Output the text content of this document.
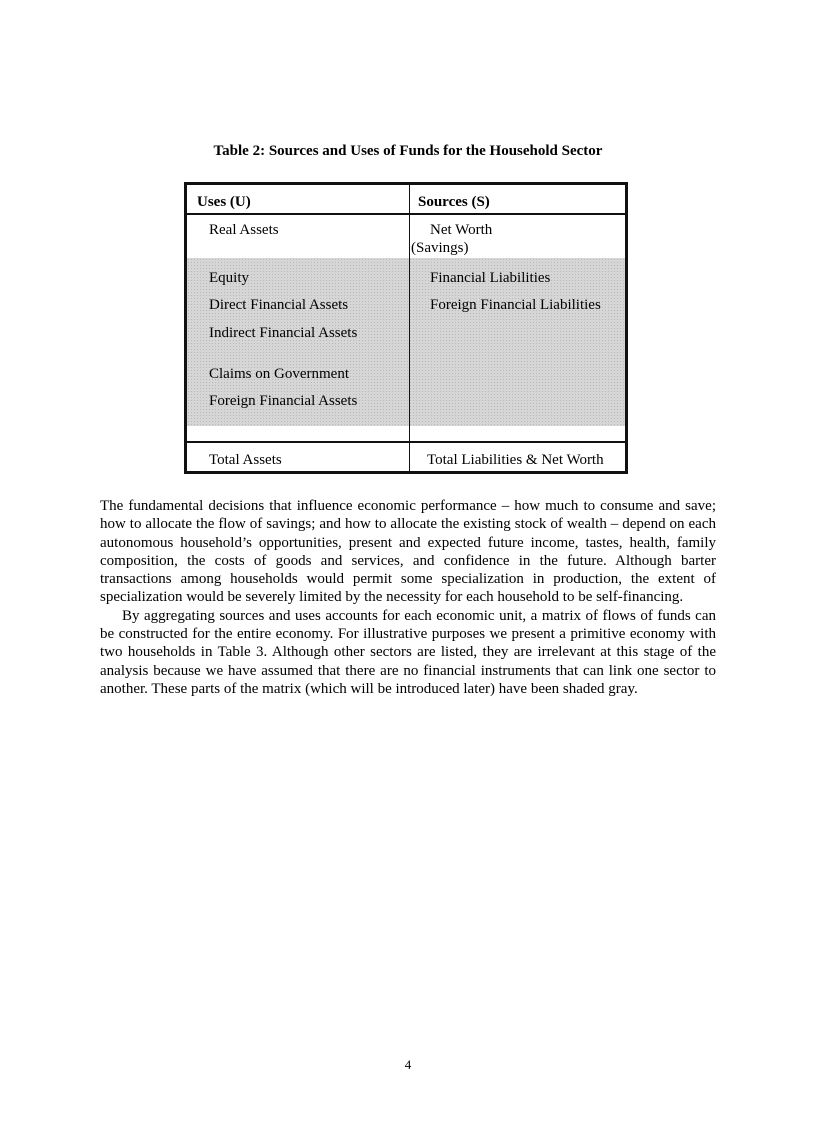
Table 2: Sources and Uses of Funds for the Household Sector
Uses (U)	Sources (S)
Real Assets
Equity
Direct Financial Assets
Indirect Financial Assets
Claims on Government
Foreign Financial Assets
Net Worth
(Savings)
Financial Liabilities
Foreign Financial Liabilities
Total Assets	Total Liabilities & Net Worth

The fundamental decisions that influence economic performance – how much to consume and save; how to allocate the flow of savings; and how to allocate the existing stock of wealth – depend on each autonomous household’s opportunities, present and expected future income, tastes, health, family composition, the costs of goods and services, and confidence in the future. Although barter transactions among households would permit some specialization in production, the extent of specialization would be severely limited by the necessity for each household to be self-financing.

By aggregating sources and uses accounts for each economic unit, a matrix of flows of funds can be constructed for the entire economy. For illustrative purposes we present a primitive economy with two households in Table 3. Although other sectors are listed, they are irrelevant at this stage of the analysis because we have assumed that there are no financial instruments that can link one sector to another. These parts of the matrix (which will be introduced later) have been shaded gray.

4
